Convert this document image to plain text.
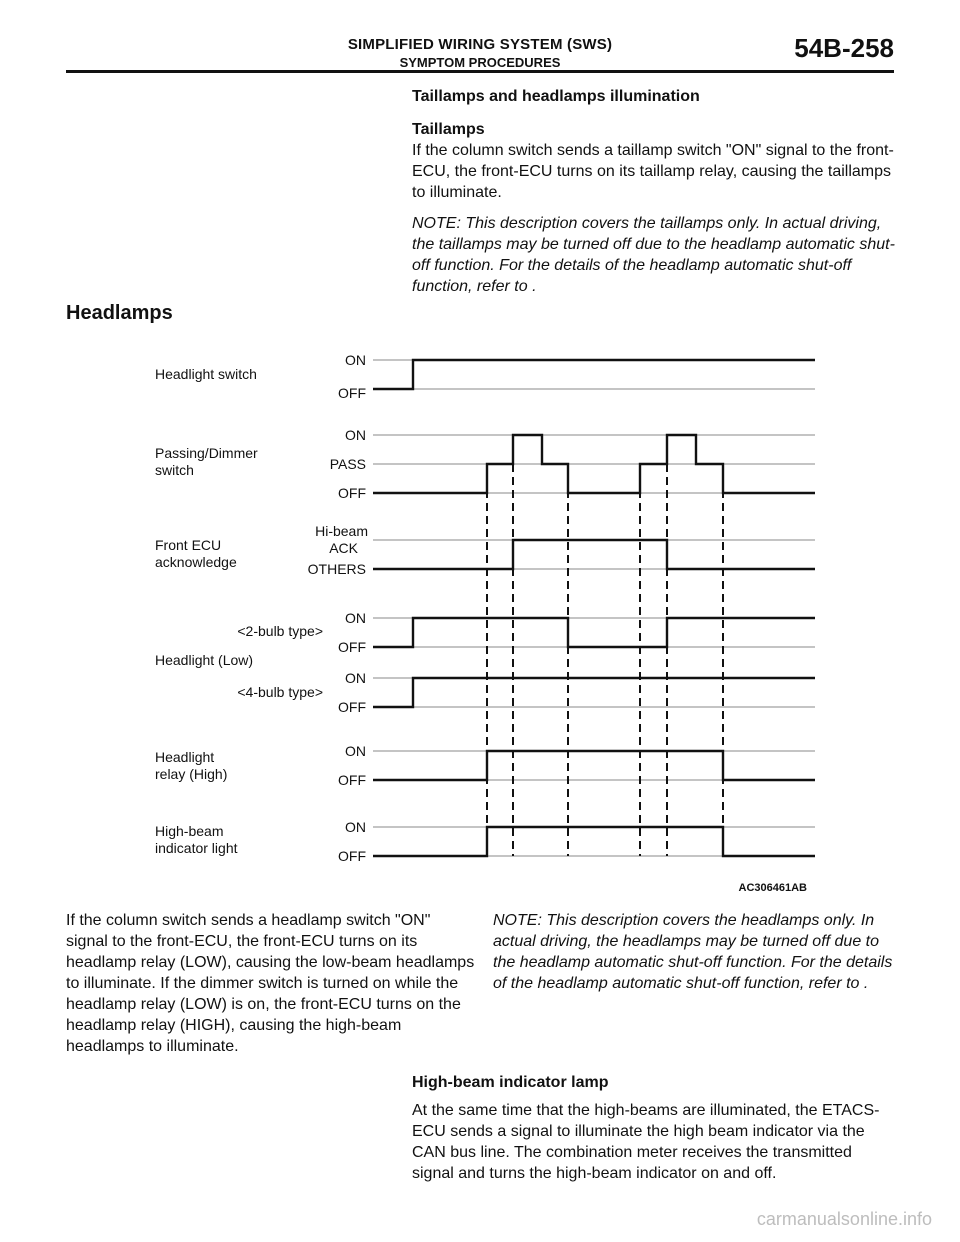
SIMPLIFIED WIRING SYSTEM (SWS)
SYMPTOM PROCEDURES	54B-258

Taillamps and headlamps illumination

Taillamps

If the column switch sends a taillamp switch "ON" signal to the front-ECU, the front-ECU turns on its taillamp relay, causing the taillamps to illuminate.

NOTE: This description covers the taillamps only. In actual driving, the taillamps may be turned off due to the headlamp automatic shut-off function. For the details of the headlamp automatic shut-off function, refer to .

Headlamps
Headlight switch
Passing/Dimmer
switch
Front ECU
acknowledge
Headlight (Low)
<2-bulb type>
<4-bulb type>
Headlight
relay (High)
High-beam
indicator light
ON
OFF
ON
PASS
OFF
Hi-beam
ACK
OTHERS
ON
OFF
ON
OFF
ON
OFF
ON
OFF
AC306461AB

If the column switch sends a headlamp switch "ON" signal to the front-ECU, the front-ECU turns on its headlamp relay (LOW), causing the low-beam headlamps to illuminate. If the dimmer switch is turned on while the headlamp relay (LOW) is on, the front-ECU turns on the headlamp relay (HIGH), causing the high-beam headlamps to illuminate.

NOTE: This description covers the headlamps only. In actual driving, the headlamps may be turned off due to the headlamp automatic shut-off function. For the details of the headlamp automatic shut-off function, refer to .

High-beam indicator lamp

At the same time that the high-beams are illuminated, the ETACS-ECU sends a signal to illuminate the high beam indicator via the CAN bus line. The combination meter receives the transmitted signal and turns the high-beam indicator on and off.

carmanualsonline.info
